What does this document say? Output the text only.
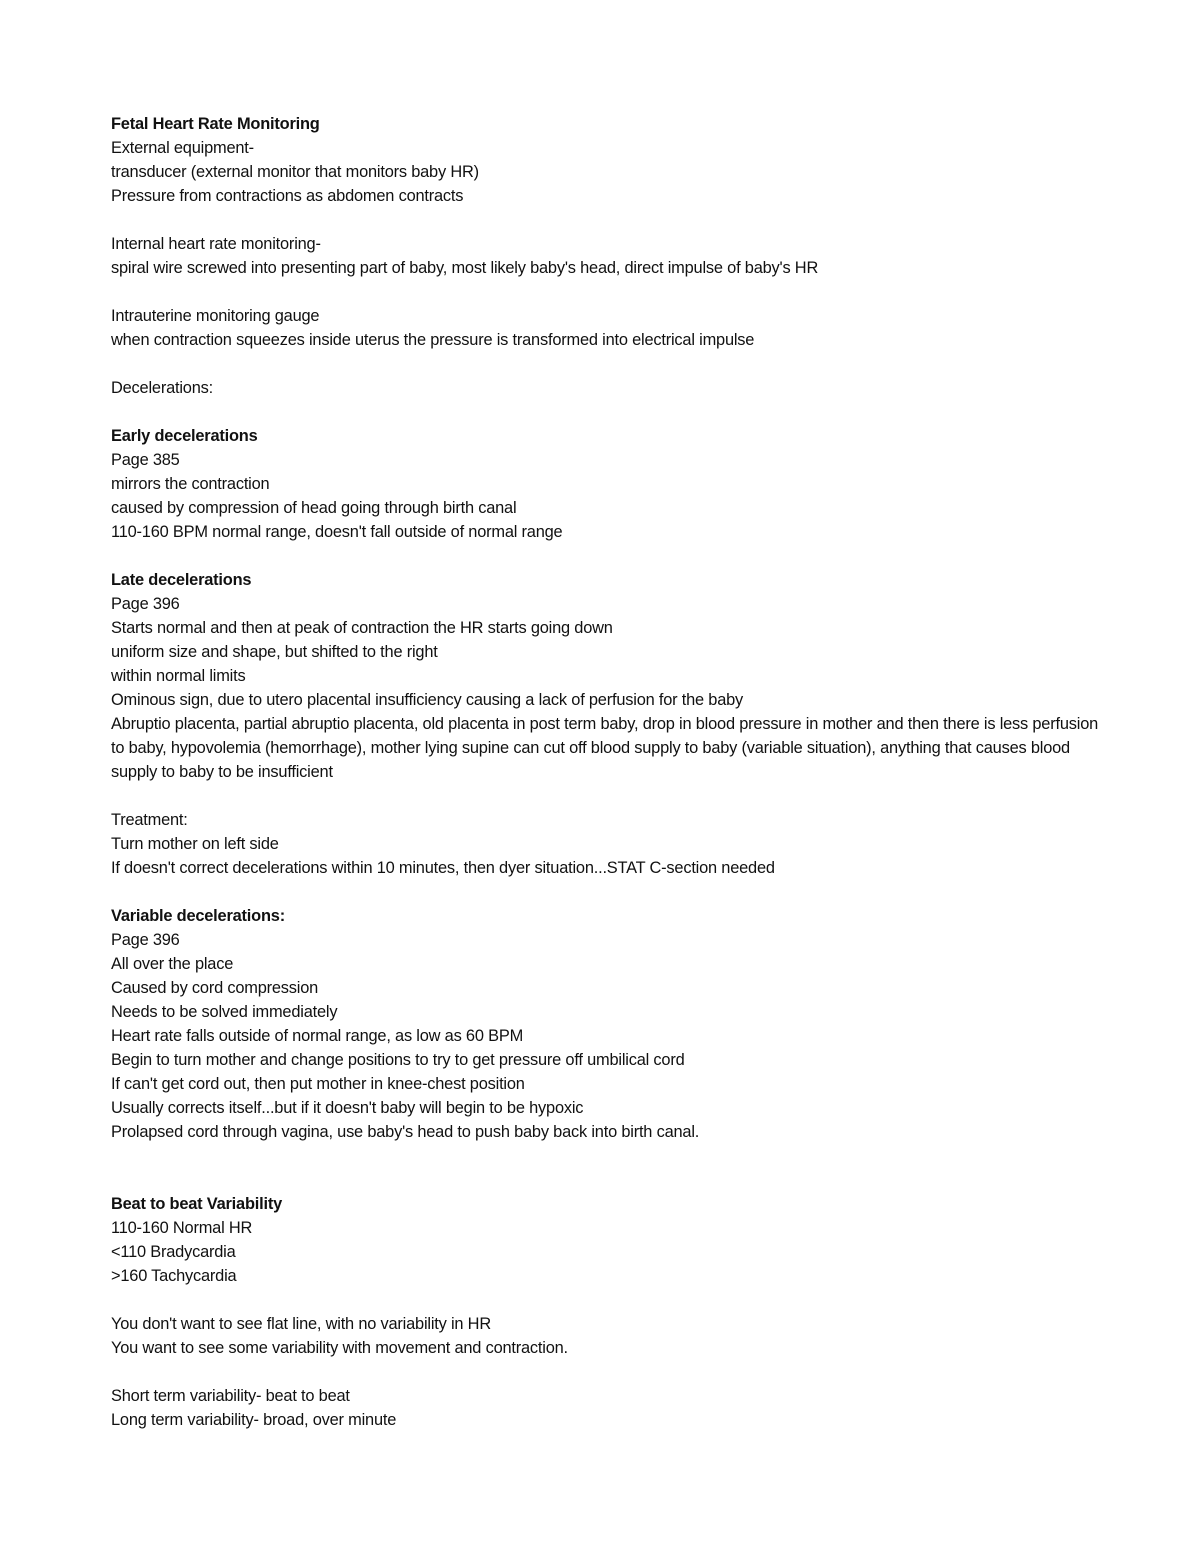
Fetal Heart Rate Monitoring
External equipment-
transducer (external monitor that monitors baby HR)
Pressure from contractions as abdomen contracts
Internal heart rate monitoring-
spiral wire screwed into presenting part of baby, most likely baby's head, direct impulse of baby's HR
Intrauterine monitoring gauge
when contraction squeezes inside uterus the pressure is transformed into electrical impulse
Decelerations:
Early decelerations
Page 385
mirrors the contraction
caused by compression of head going through birth canal
110-160 BPM normal range, doesn't fall outside of normal range
Late decelerations
Page 396
Starts normal and then at peak of contraction the HR starts going down
uniform size and shape, but shifted to the right
within normal limits
Ominous sign, due to utero placental insufficiency causing a lack of perfusion for the baby
Abruptio placenta, partial abruptio placenta, old placenta in post term baby, drop in blood pressure in mother and then there is less perfusion to baby, hypovolemia (hemorrhage), mother lying supine can cut off blood supply to baby (variable situation), anything that causes blood supply to baby to be insufficient
Treatment:
Turn mother on left side
If doesn't correct decelerations within 10 minutes, then dyer situation...STAT C-section needed
Variable decelerations:
Page 396
All over the place
Caused by cord compression
Needs to be solved immediately
Heart rate falls outside of normal range, as low as 60 BPM
Begin to turn mother and change positions to try to get pressure off umbilical cord
If can't get cord out, then put mother in knee-chest position
Usually corrects itself...but if it doesn't baby will begin to be hypoxic
Prolapsed cord through vagina, use baby's head to push baby back into birth canal.
Beat to beat Variability
110-160 Normal HR
<110 Bradycardia
>160 Tachycardia
You don't want to see flat line, with no variability in HR
You want to see some variability with movement and contraction.
Short term variability- beat to beat
Long term variability- broad, over minute
